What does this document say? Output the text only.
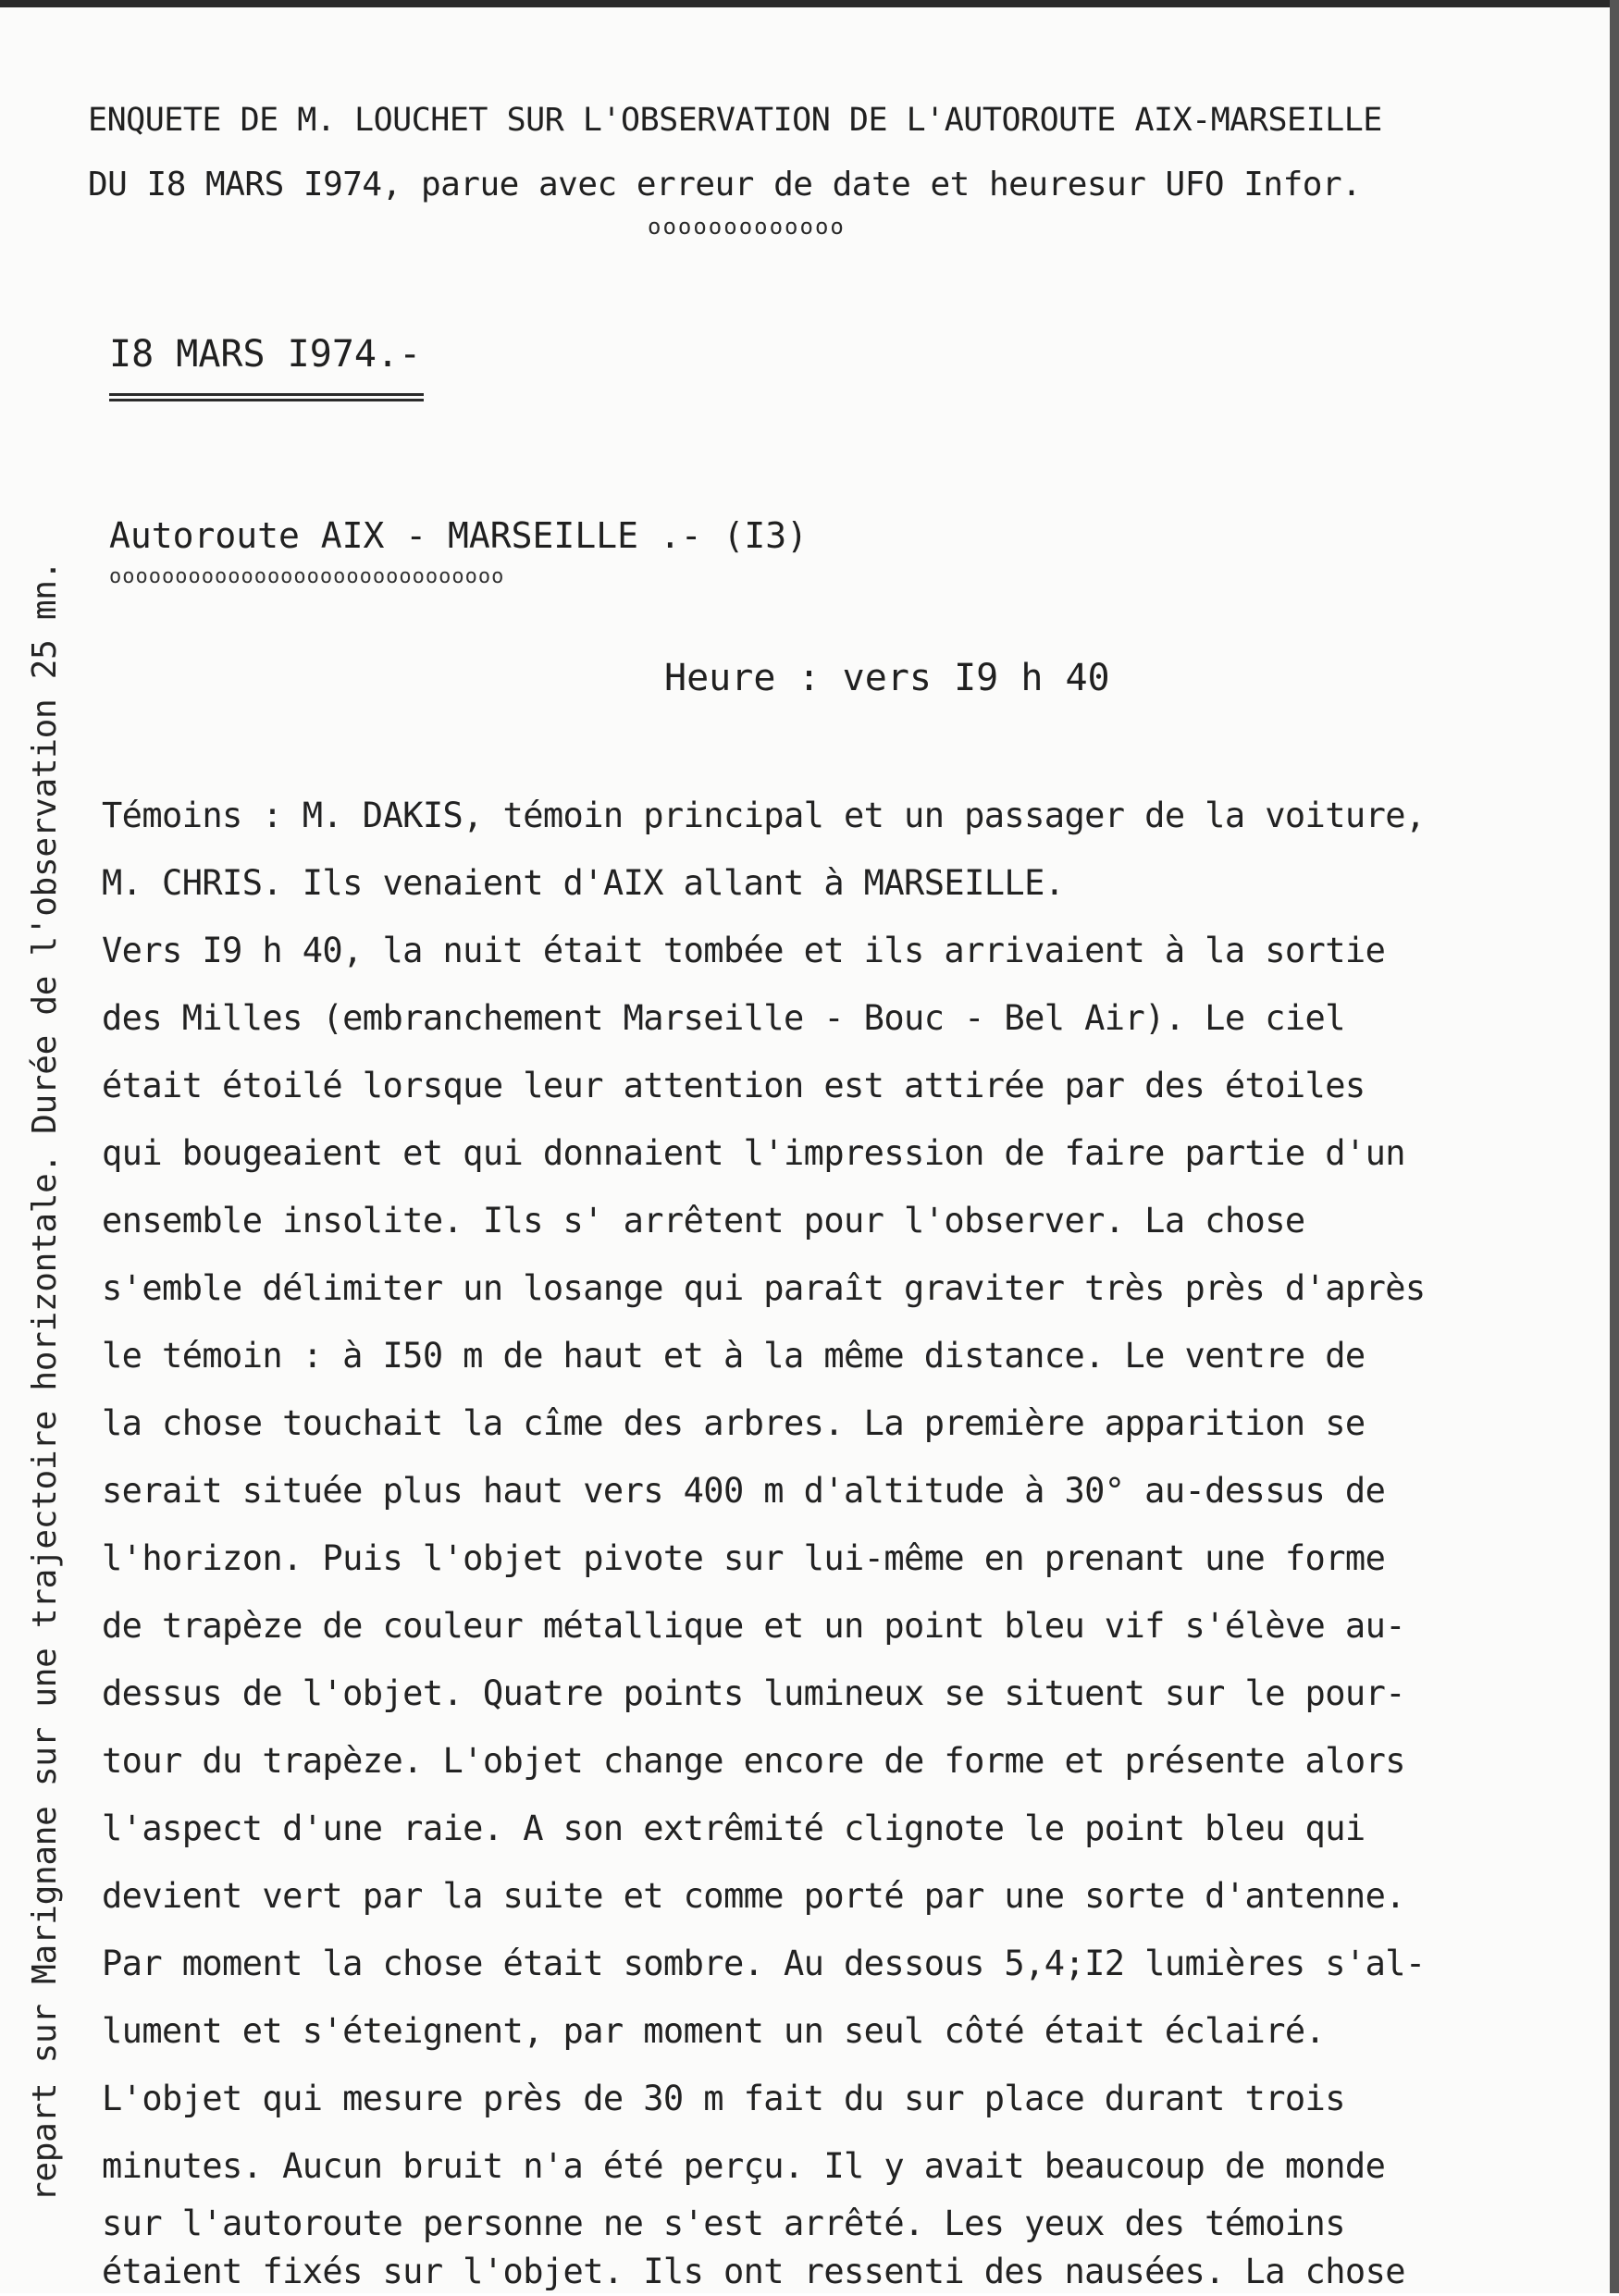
ENQUETE DE M. LOUCHET SUR L'OBSERVATION DE L'AUTOROUTE AIX-MARSEILLE
DU I8 MARS I974, parue avec erreur de date et heuresur UFO Infor.
ooooooooooooo
I8 MARS I974.-
Autoroute AIX - MARSEILLE .- (I3)
oooooooooooooooooooooooooooooo
Heure : vers I9 h 40
Témoins : M. DAKIS, témoin principal et un passager de la voiture,
M. CHRIS. Ils venaient d'AIX allant à MARSEILLE.
Vers I9 h 40, la nuit était tombée et ils arrivaient à la sortie
des Milles (embranchement Marseille - Bouc - Bel Air). Le ciel
était étoilé lorsque leur attention est attirée par des étoiles
qui bougeaient et qui donnaient l'impression de faire partie d'un
ensemble insolite. Ils s' arrêtent pour l'observer. La chose
s'emble délimiter un losange qui paraît graviter très près d'après
le témoin : à I50 m de haut et à la même distance. Le ventre de
la chose touchait la cîme des arbres. La première apparition se
serait située plus haut vers 400 m d'altitude à 30° au-dessus de
l'horizon. Puis l'objet pivote sur lui-même en prenant une forme
de trapèze de couleur métallique et un point bleu vif s'élève au-
dessus de l'objet. Quatre points lumineux se situent sur le pour-
tour du trapèze. L'objet change encore de forme et présente alors
l'aspect d'une raie. A son extrêmité clignote le point bleu qui
devient vert par la suite et comme porté par une sorte d'antenne.
Par moment la chose était sombre. Au dessous 5,4;I2 lumières s'al-
lument et s'éteignent, par moment un seul côté était éclairé.
L'objet qui mesure près de 30 m fait du sur place durant trois
minutes. Aucun bruit n'a été perçu. Il y avait beaucoup de monde
sur l'autoroute personne ne s'est arrêté. Les yeux des témoins
étaient fixés sur l'objet. Ils ont ressenti des nausées. La chose
repart sur Marignane sur une trajectoire horizontale. Durée de l'observation 25 mn.
